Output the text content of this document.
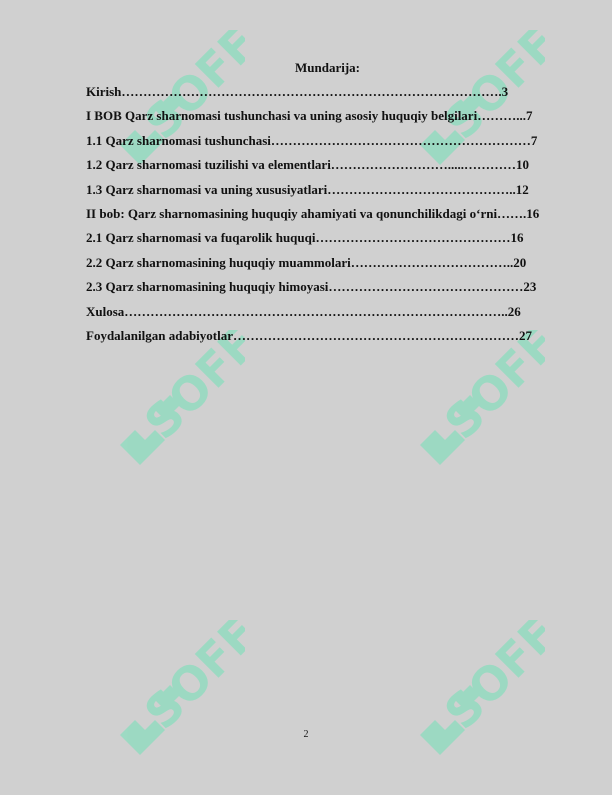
SOFF	SOFF
SOFF	SOFF
SOFF	SOFF
Mundarija:
Kirish…………………………………………………………………………….3
I BOB Qarz sharnomasi tushunchasi va uning asosiy huquqiy belgilari………...7
1.1 Qarz sharnomasi tushunchasi……………………………………………………7
1.2 Qarz sharnomasi tuzilishi va elementlari……………………….....…………10
1.3 Qarz sharnomasi va uning xususiyatlari……………………………………..12
II bob: Qarz sharnomasining huquqiy ahamiyati va qonunchilikdagi o‘rni…….16
2.1 Qarz sharnomasi va fuqarolik huquqi………………………………………16
2.2 Qarz sharnomasining huquqiy muammolari………………………………..20
2.3 Qarz sharnomasining huquqiy himoyasi………………………………………23
Xulosa……………………………………………………………………………..26
Foydalanilgan adabiyotlar…………………………………………………………27
2
